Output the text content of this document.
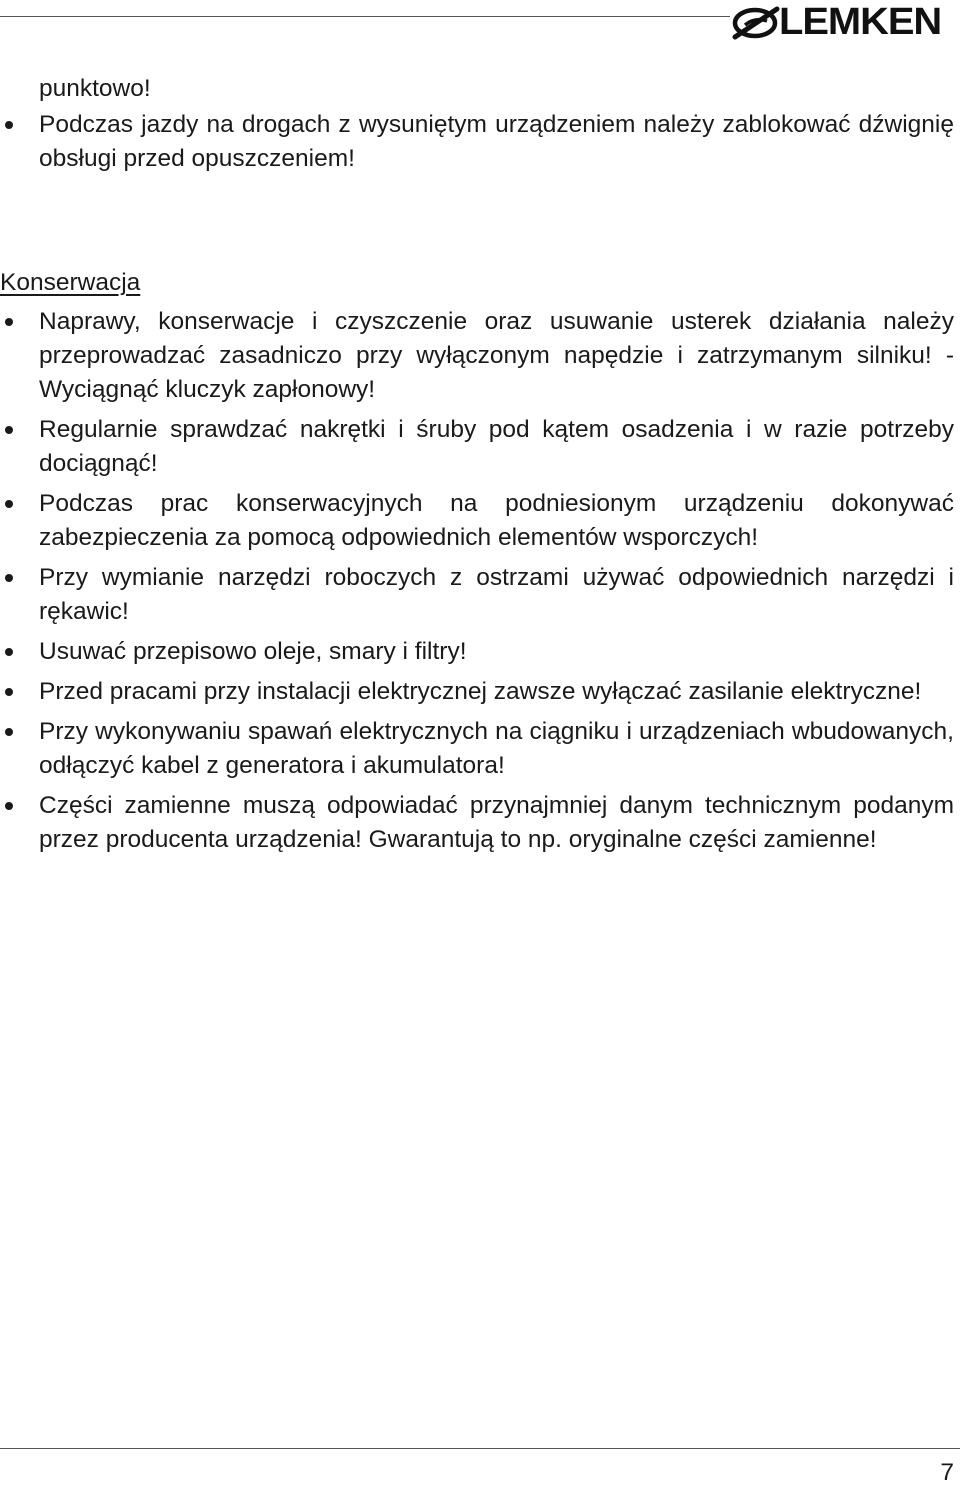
LEMKEN

punktowo!

Podczas jazdy na drogach z wysuniętym urządzeniem należy zablokować dźwignię obsługi przed opuszczeniem!

Konserwacja

Naprawy, konserwacje i czyszczenie oraz usuwanie usterek działania należy przeprowadzać zasadniczo przy wyłączonym napędzie i zatrzymanym silniku! - Wyciągnąć kluczyk zapłonowy!
Regularnie sprawdzać nakrętki i śruby pod kątem osadzenia i w razie potrzeby dociągnąć!
Podczas prac konserwacyjnych na podniesionym urządzeniu dokonywać zabezpieczenia za pomocą odpowiednich elementów wsporczych!
Przy wymianie narzędzi roboczych z ostrzami używać odpowiednich narzędzi i rękawic!
Usuwać przepisowo oleje, smary i filtry!
Przed pracami przy instalacji elektrycznej zawsze wyłączać zasilanie elektryczne!
Przy wykonywaniu spawań elektrycznych na ciągniku i urządzeniach wbudowanych, odłączyć kabel z generatora i akumulatora!
Części zamienne muszą odpowiadać przynajmniej danym technicznym podanym przez producenta urządzenia! Gwarantują to np. oryginalne części zamienne!
7
